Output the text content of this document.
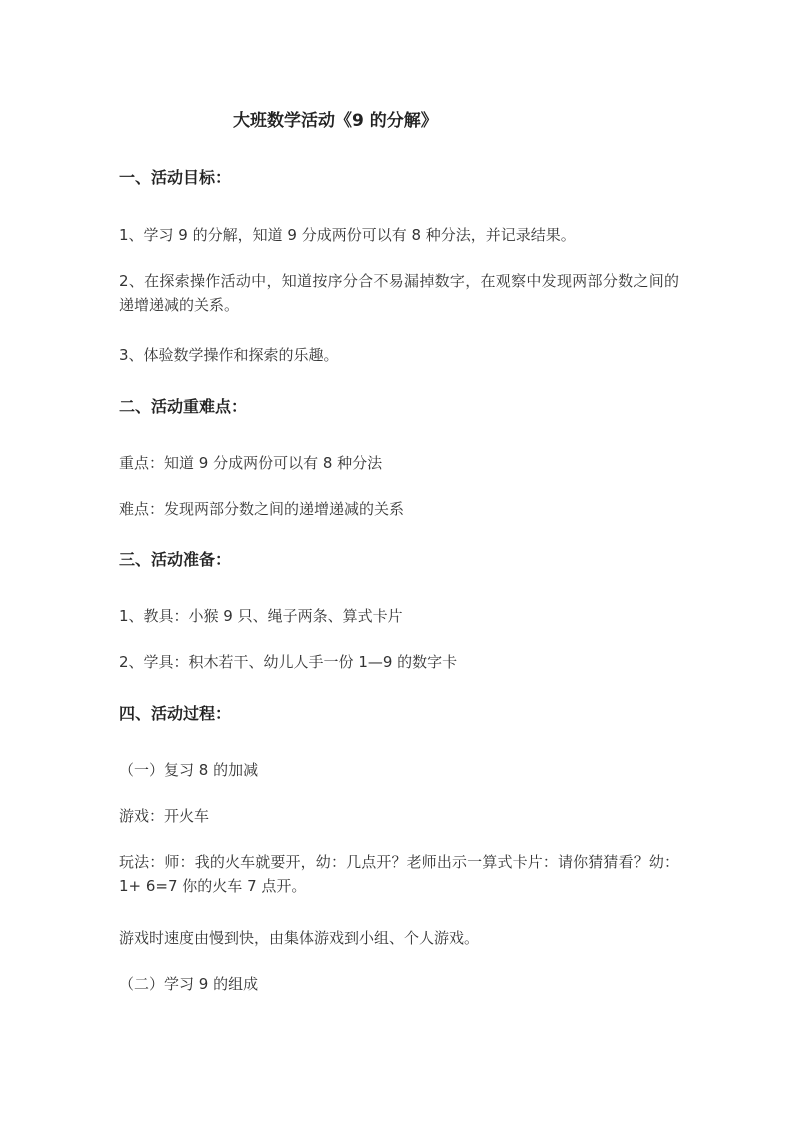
大班数学活动《9 的分解》
一、活动目标：
1、学习 9 的分解，知道 9 分成两份可以有 8 种分法，并记录结果。
2、在探索操作活动中，知道按序分合不易漏掉数字，在观察中发现两部分数之间的递增递减的关系。
3、体验数学操作和探索的乐趣。
二、活动重难点：
重点：知道 9 分成两份可以有 8 种分法
难点：发现两部分数之间的递增递减的关系
三、活动准备：
1、教具：小猴 9 只、绳子两条、算式卡片
2、学具：积木若干、幼儿人手一份 1—9 的数字卡
四、活动过程：
（一）复习 8 的加减
游戏：开火车
玩法：师：我的火车就要开，幼：几点开？老师出示一算式卡片：请你猜猜看？幼：1+ 6=7 你的火车 7 点开。
游戏时速度由慢到快，由集体游戏到小组、个人游戏。
（二）学习 9 的组成
